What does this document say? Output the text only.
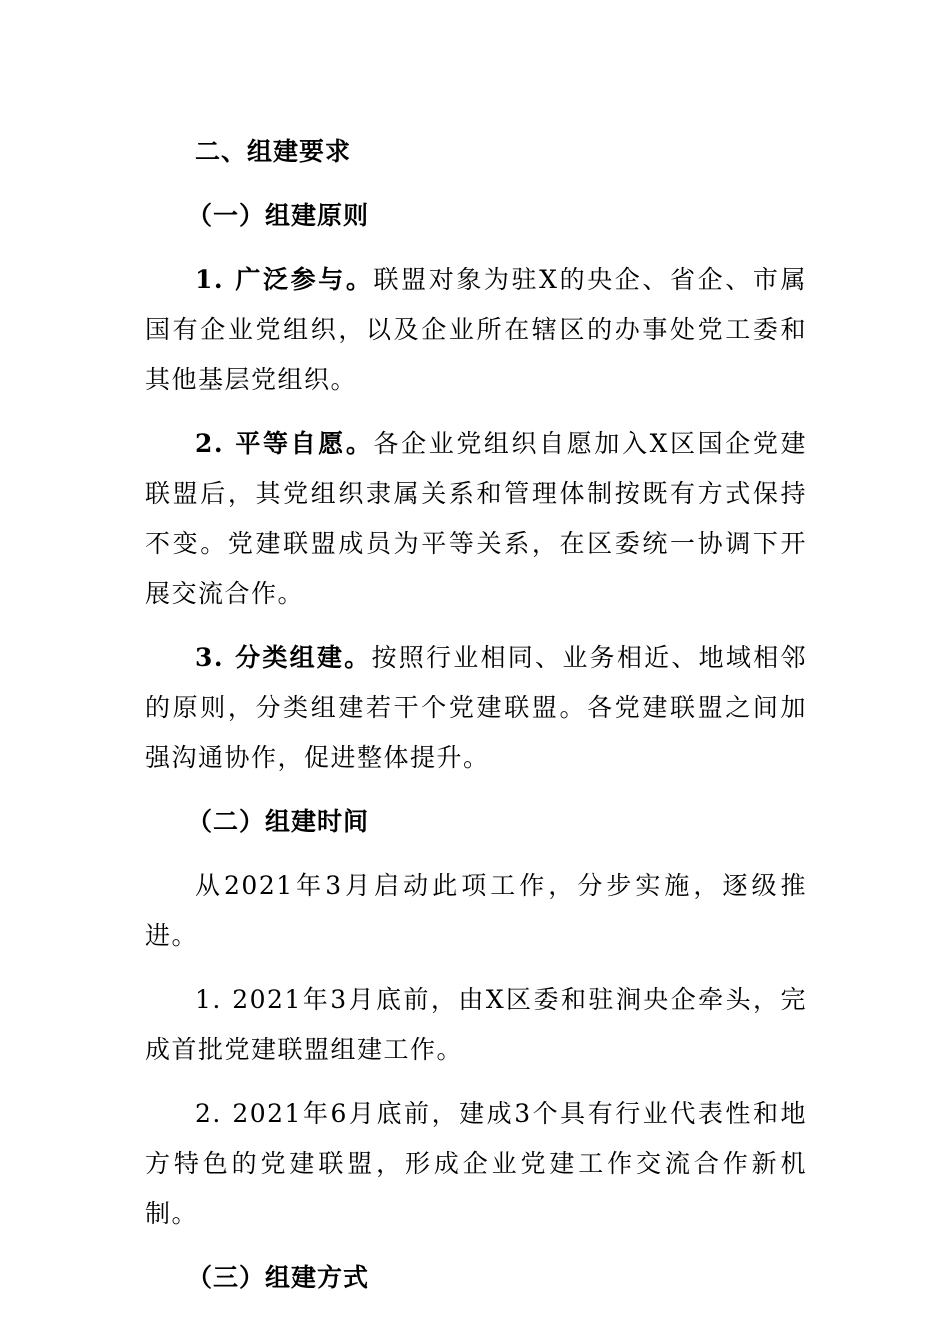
二、组建要求

（一）组建原则

1. 广泛参与。联盟对象为驻X的央企、省企、市属国有企业党组织，以及企业所在辖区的办事处党工委和其他基层党组织。

2. 平等自愿。各企业党组织自愿加入X区国企党建联盟后，其党组织隶属关系和管理体制按既有方式保持不变。党建联盟成员为平等关系，在区委统一协调下开展交流合作。

3. 分类组建。按照行业相同、业务相近、地域相邻的原则，分类组建若干个党建联盟。各党建联盟之间加强沟通协作，促进整体提升。

（二）组建时间

从2021年3月启动此项工作，分步实施，逐级推进。

1. 2021年3月底前，由X区委和驻涧央企牵头，完成首批党建联盟组建工作。

2. 2021年6月底前，建成3个具有行业代表性和地方特色的党建联盟，形成企业党建工作交流合作新机制。

（三）组建方式
